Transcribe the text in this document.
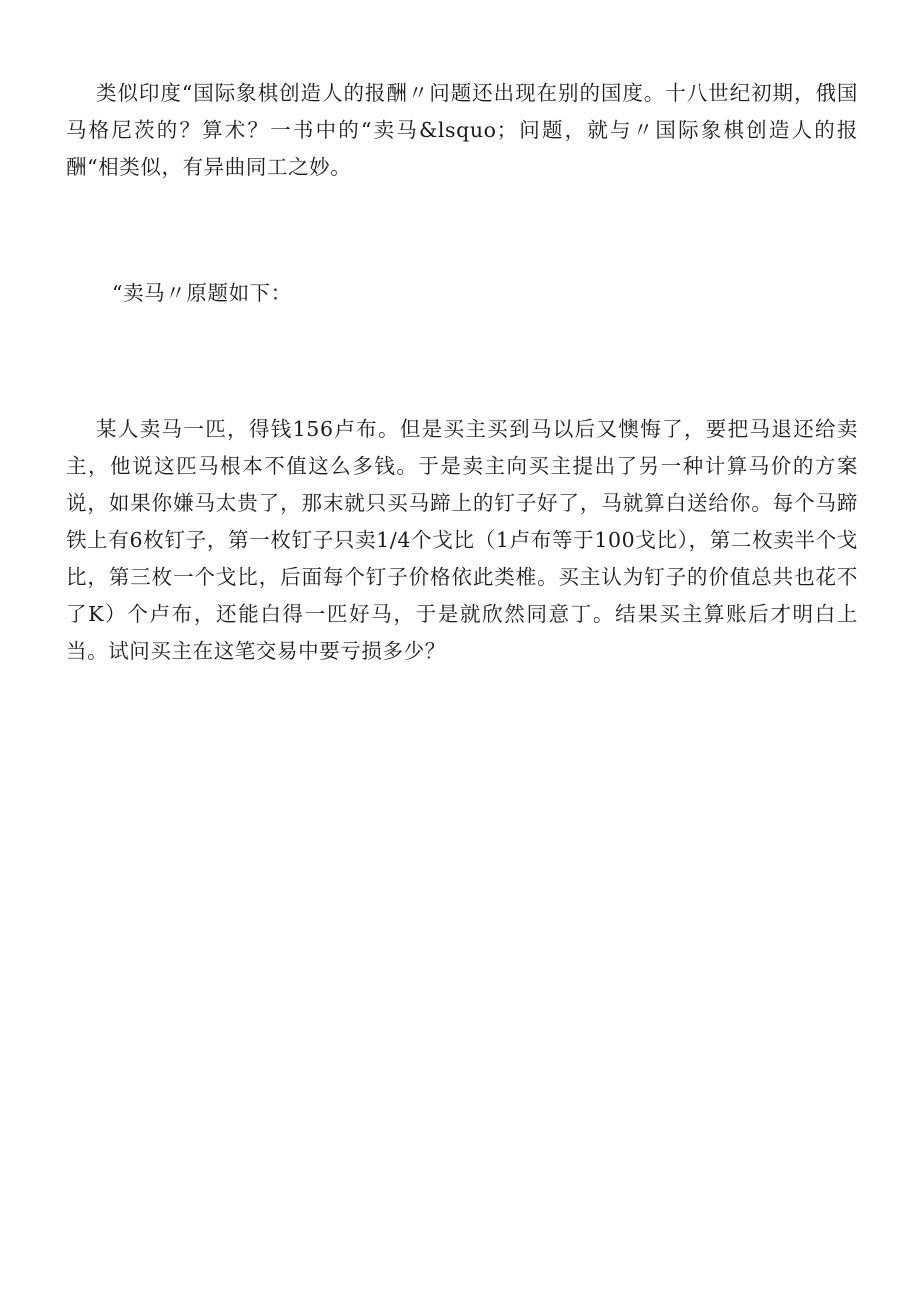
类似印度“国际象棋创造人的报酬〃问题还出现在别的国度。十八世纪初期，俄国马格尼茨的？算术？一书中的“卖马&lsquo；问题，就与〃国际象棋创造人的报酬“相类似，有异曲同工之妙。

“卖马〃原题如下：

某人卖马一匹，得钱156卢布。但是买主买到马以后又懊悔了，要把马退还给卖主，他说这匹马根本不值这么多钱。于是卖主向买主提出了另一种计算马价的方案说，如果你嫌马太贵了，那末就只买马蹄上的钉子好了，马就算白送给你。每个马蹄铁上有6枚钉子，第一枚钉子只卖1/4个戈比（1卢布等于100戈比），第二枚卖半个戈比，第三枚一个戈比，后面每个钉子价格依此类椎。买主认为钉子的价值总共也花不了K）个卢布，还能白得一匹好马，于是就欣然同意丁。结果买主算账后才明白上当。试问买主在这笔交易中要亏损多少？
